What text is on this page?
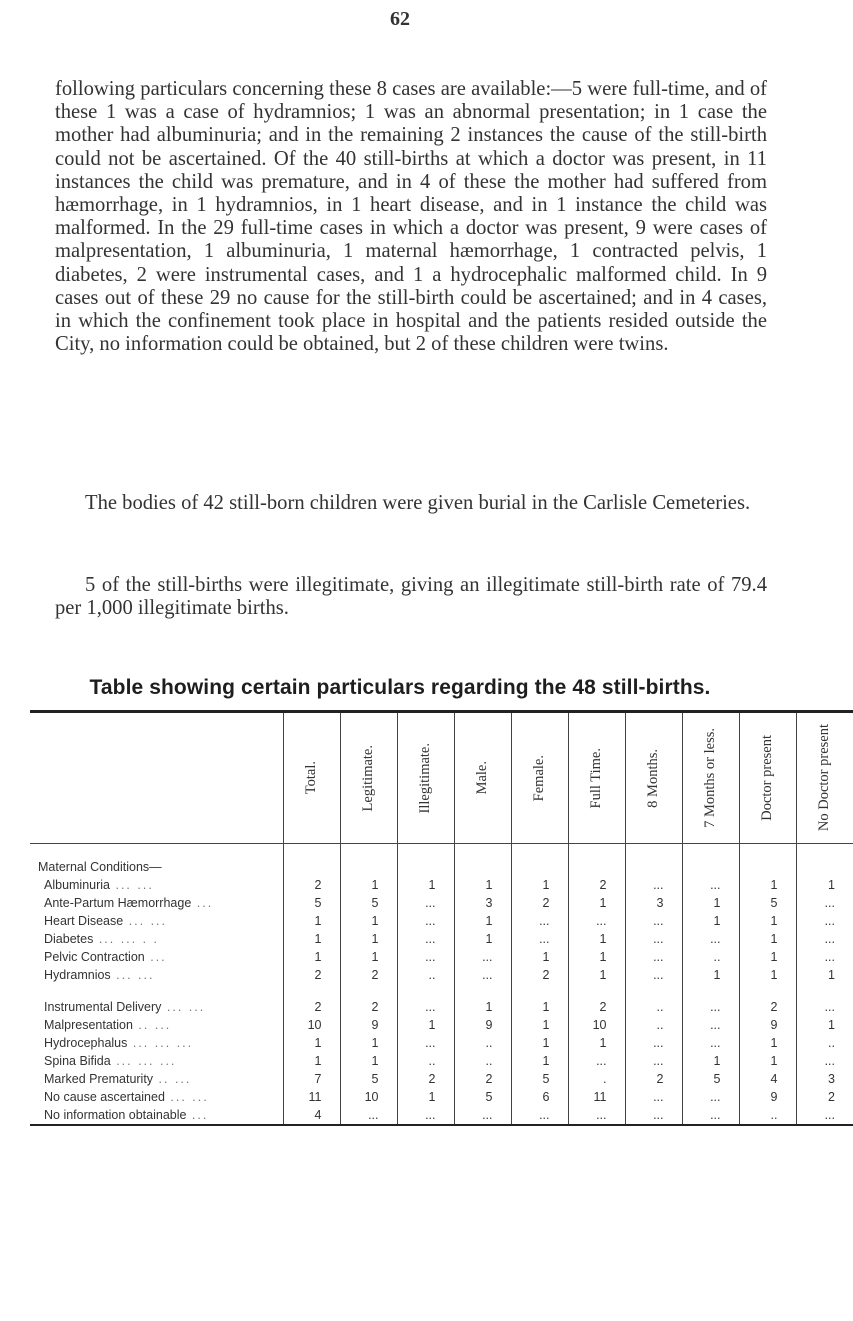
62

following particulars concerning these 8 cases are available:—5 were full-time, and of these 1 was a case of hydramnios; 1 was an abnormal presentation; in 1 case the mother had albuminuria; and in the remaining 2 instances the cause of the still-birth could not be ascertained. Of the 40 still-births at which a doctor was present, in 11 instances the child was premature, and in 4 of these the mother had suffered from hæmorrhage, in 1 hydramnios, in 1 heart disease, and in 1 instance the child was malformed. In the 29 full-time cases in which a doctor was present, 9 were cases of malpresentation, 1 albuminuria, 1 maternal hæmorrhage, 1 contracted pelvis, 1 diabetes, 2 were instrumental cases, and 1 a hydrocephalic malformed child. In 9 cases out of these 29 no cause for the still-birth could be ascertained; and in 4 cases, in which the confinement took place in hospital and the patients resided outside the City, no information could be obtained, but 2 of these children were twins.

The bodies of 42 still-born children were given burial in the Carlisle Cemeteries.

5 of the still-births were illegitimate, giving an illegitimate still-birth rate of 79.4 per 1,000 illegitimate births.

Table showing certain particulars regarding the 48 still-births.

	Total.	Legitimate.	Illegitimate.	Male.	Female.	Full Time.	8 Months.	7 Months or less.	Doctor present	No Doctor present

Maternal Conditions—										
Albuminuria ... ...	2	1	1	1	1	2	...	...	1	1
Ante-Partum Hæmorrhage ...	5	5	...	3	2	1	3	1	5	...
Heart Disease ... ...	1	1	...	1	...	...	...	1	1	...
Diabetes ... ... . .	1	1	...	1	...	1	...	...	1	...
Pelvic Contraction ...	1	1	...	...	1	1	...	..	1	...
Hydramnios ... ...	2	2	..	...	2	1	...	1	1	1

Instrumental Delivery ... ...	2	2	...	1	1	2	..	...	2	...
Malpresentation .. ...	10	9	1	9	1	10	..	...	9	1
Hydrocephalus ... ... ...	1	1	...	..	1	1	...	...	1	..
Spina Bifida ... ... ...	1	1	..	..	1	...	...	1	1	...
Marked Prematurity .. ...	7	5	2	2	5	.	2	5	4	3
No cause ascertained ... ...	11	10	1	5	6	11	...	...	9	2
No information obtainable ...	4	...	...	...	...	...	...	...	..	...
